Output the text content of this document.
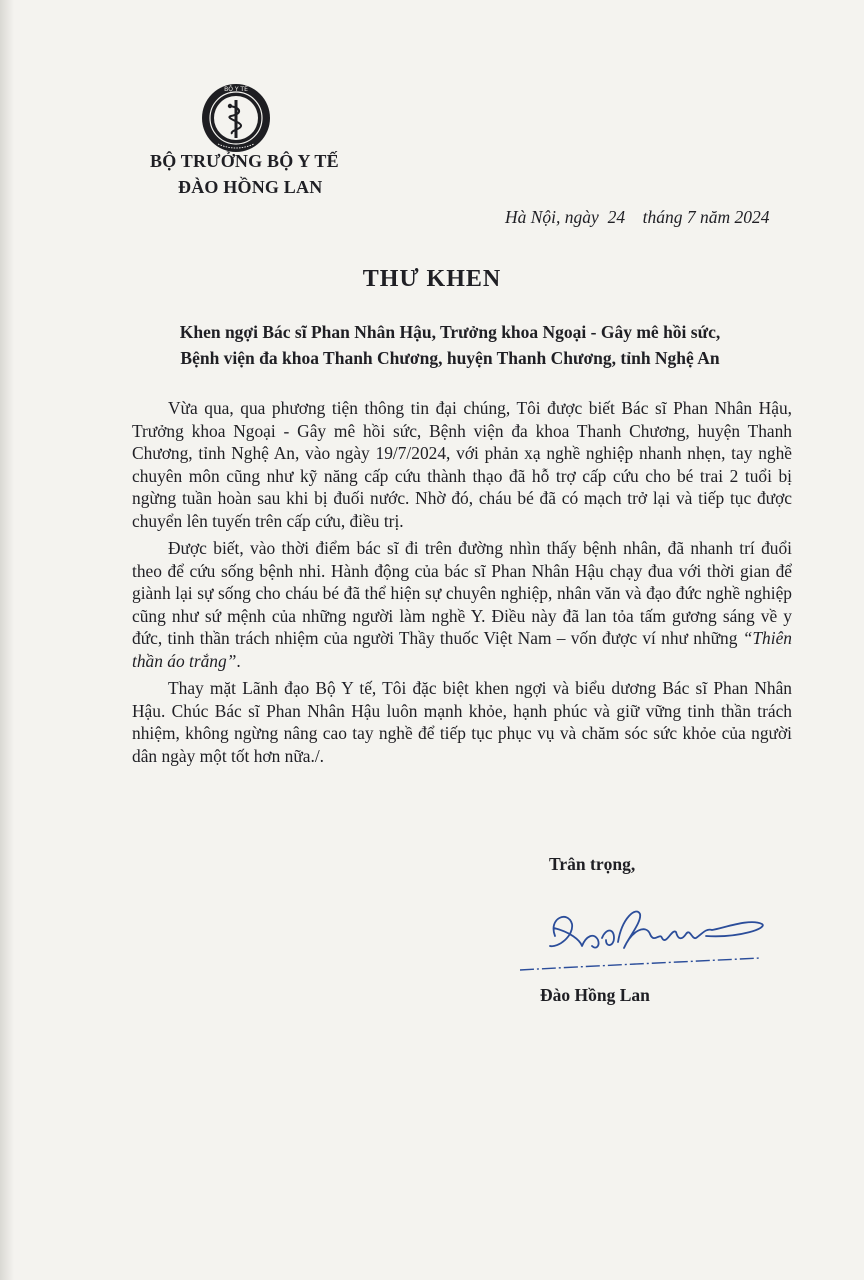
BỘ Y TẾ
BỘ TRƯỞNG BỘ Y TẾ
ĐÀO HỒNG LAN
Hà Nội, ngày 24 tháng 7 năm 2024
THƯ KHEN
Khen ngợi Bác sĩ Phan Nhân Hậu, Trưởng khoa Ngoại - Gây mê hồi sức,
Bệnh viện đa khoa Thanh Chương, huyện Thanh Chương, tỉnh Nghệ An

Vừa qua, qua phương tiện thông tin đại chúng, Tôi được biết Bác sĩ Phan Nhân Hậu, Trưởng khoa Ngoại - Gây mê hồi sức, Bệnh viện đa khoa Thanh Chương, huyện Thanh Chương, tỉnh Nghệ An, vào ngày 19/7/2024, với phản xạ nghề nghiệp nhanh nhẹn, tay nghề chuyên môn cũng như kỹ năng cấp cứu thành thạo đã hỗ trợ cấp cứu cho bé trai 2 tuổi bị ngừng tuần hoàn sau khi bị đuối nước. Nhờ đó, cháu bé đã có mạch trở lại và tiếp tục được chuyển lên tuyến trên cấp cứu, điều trị.

Được biết, vào thời điểm bác sĩ đi trên đường nhìn thấy bệnh nhân, đã nhanh trí đuổi theo để cứu sống bệnh nhi. Hành động của bác sĩ Phan Nhân Hậu chạy đua với thời gian để giành lại sự sống cho cháu bé đã thể hiện sự chuyên nghiệp, nhân văn và đạo đức nghề nghiệp cũng như sứ mệnh của những người làm nghề Y. Điều này đã lan tỏa tấm gương sáng về y đức, tinh thần trách nhiệm của người Thầy thuốc Việt Nam – vốn được ví như những “Thiên thần áo trắng”.

Thay mặt Lãnh đạo Bộ Y tế, Tôi đặc biệt khen ngợi và biểu dương Bác sĩ Phan Nhân Hậu. Chúc Bác sĩ Phan Nhân Hậu luôn mạnh khỏe, hạnh phúc và giữ vững tinh thần trách nhiệm, không ngừng nâng cao tay nghề để tiếp tục phục vụ và chăm sóc sức khỏe của người dân ngày một tốt hơn nữa./.

Trân trọng,
Đào Hồng Lan
